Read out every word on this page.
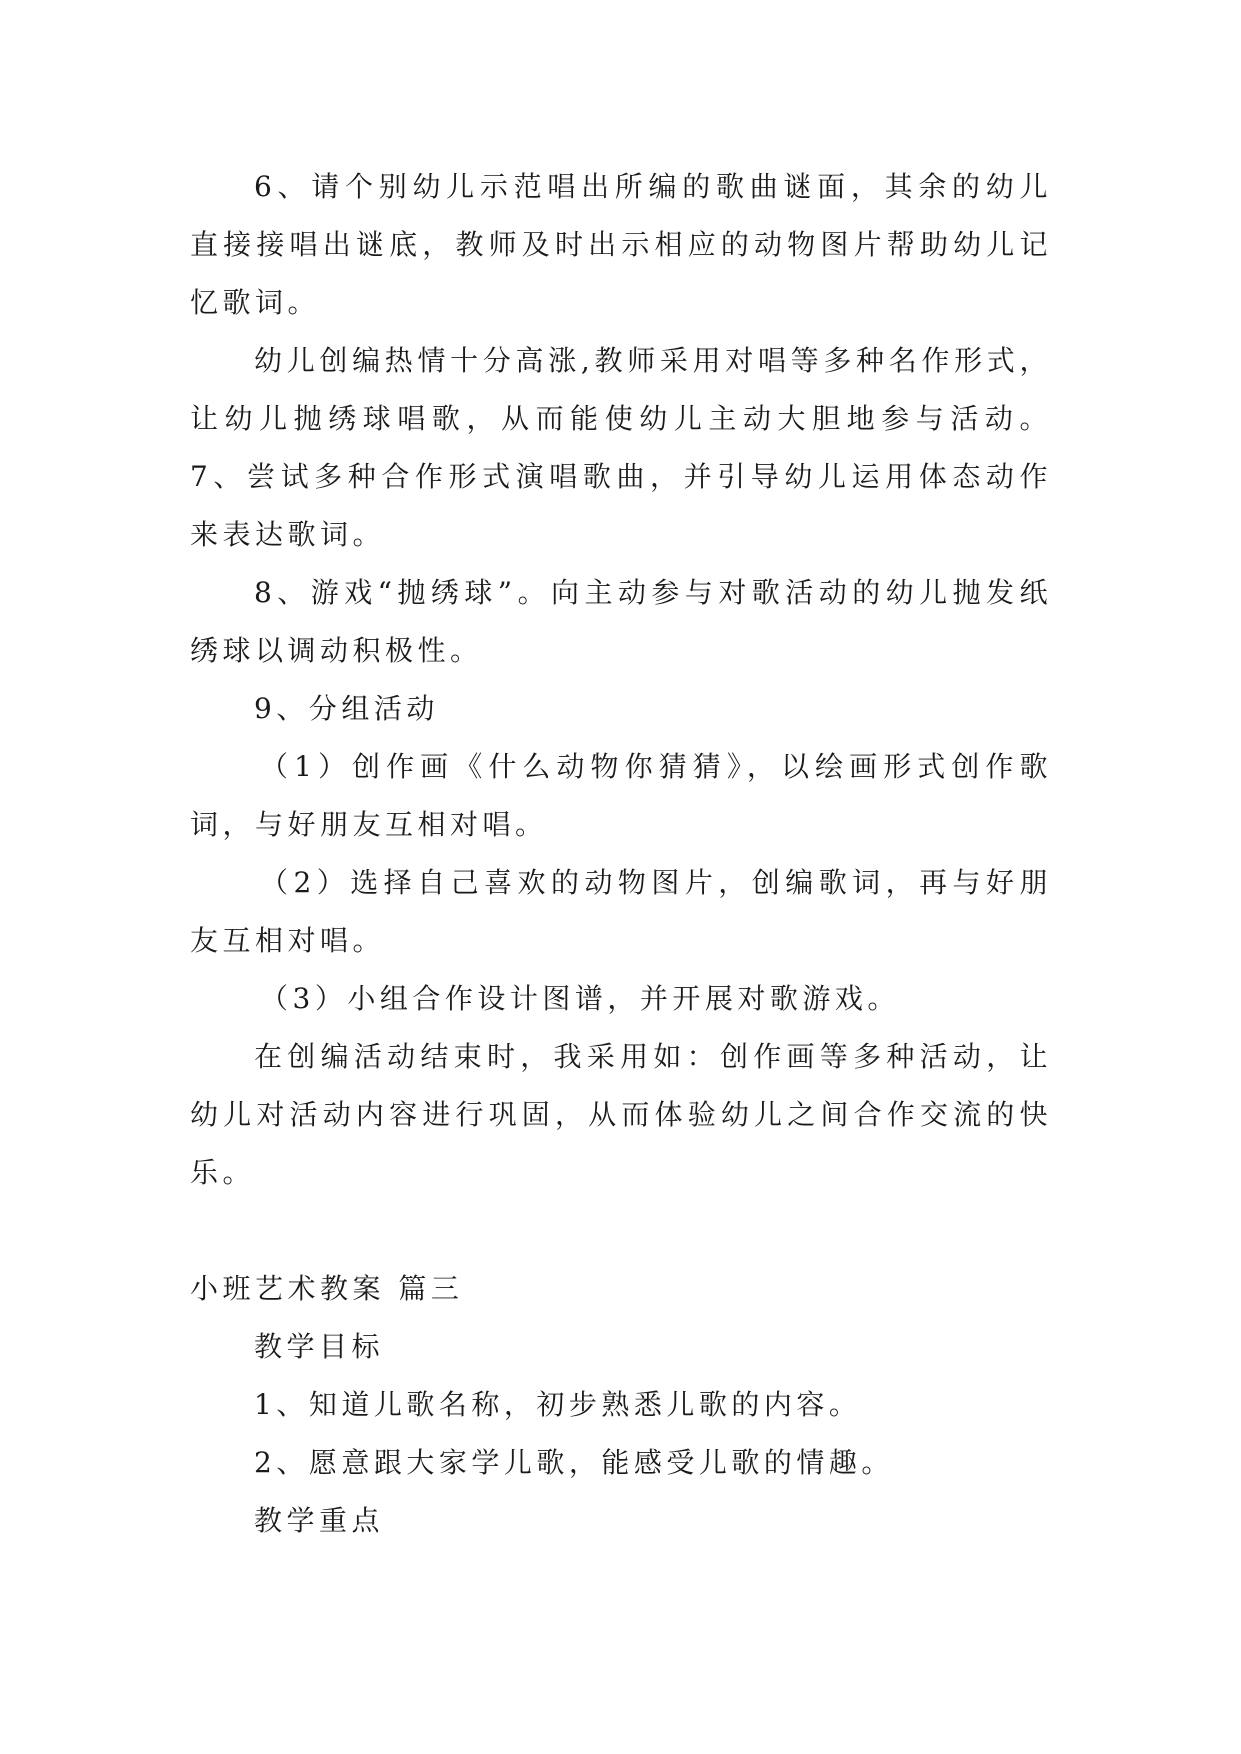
6、请个别幼儿示范唱出所编的歌曲谜面，其余的幼儿直接接唱出谜底，教师及时出示相应的动物图片帮助幼儿记忆歌词。

幼儿创编热情十分高涨,教师采用对唱等多种名作形式，让幼儿抛绣球唱歌，从而能使幼儿主动大胆地参与活动。7、尝试多种合作形式演唱歌曲，并引导幼儿运用体态动作来表达歌词。

8、游戏“抛绣球”。向主动参与对歌活动的幼儿抛发纸绣球以调动积极性。

9、分组活动

（1）创作画《什么动物你猜猜》，以绘画形式创作歌词，与好朋友互相对唱。

（2）选择自己喜欢的动物图片，创编歌词，再与好朋友互相对唱。

（3）小组合作设计图谱，并开展对歌游戏。

在创编活动结束时，我采用如：创作画等多种活动，让幼儿对活动内容进行巩固，从而体验幼儿之间合作交流的快乐。

小班艺术教案 篇三

教学目标

1、知道儿歌名称，初步熟悉儿歌的内容。

2、愿意跟大家学儿歌，能感受儿歌的情趣。

教学重点
